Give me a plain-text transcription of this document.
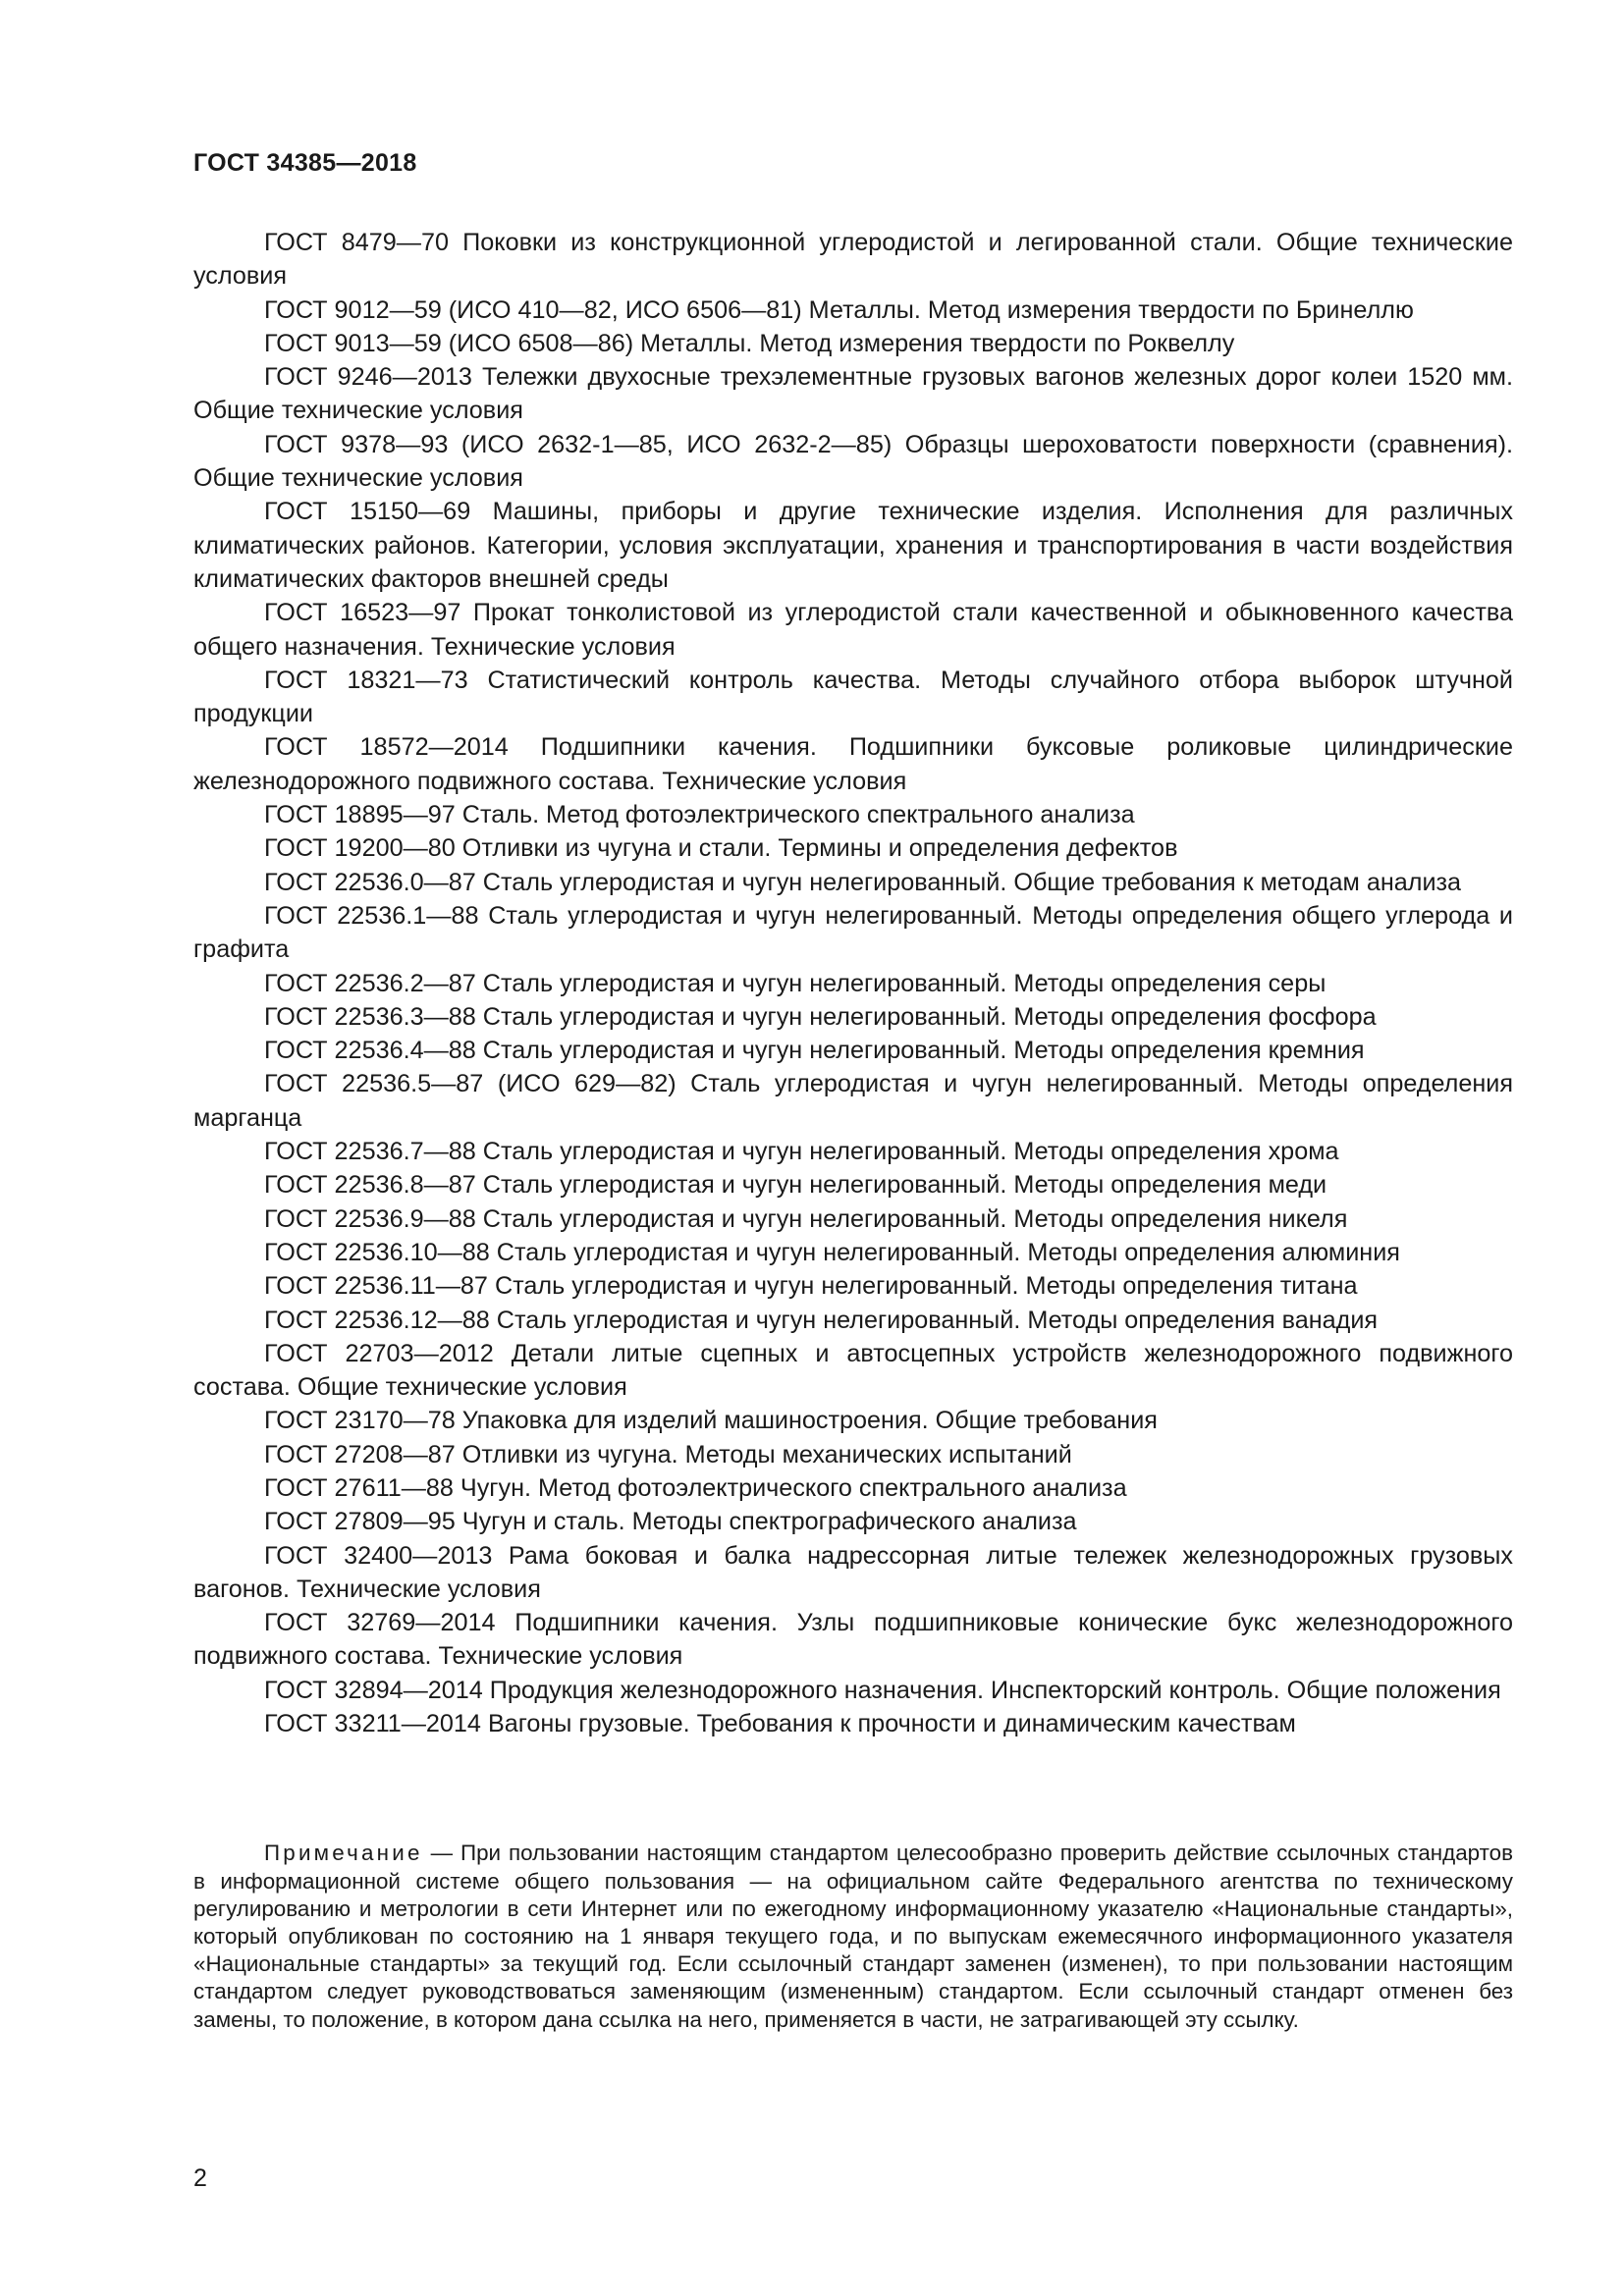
ГОСТ 34385—2018

ГОСТ 8479—70 Поковки из конструкционной углеродистой и легированной стали. Общие технические условия

ГОСТ 9012—59 (ИСО 410—82, ИСО 6506—81) Металлы. Метод измерения твердости по Бринеллю

ГОСТ 9013—59 (ИСО 6508—86) Металлы. Метод измерения твердости по Роквеллу

ГОСТ 9246—2013 Тележки двухосные трехэлементные грузовых вагонов железных дорог колеи 1520 мм. Общие технические условия

ГОСТ 9378—93 (ИСО 2632-1—85, ИСО 2632-2—85) Образцы шероховатости поверхности (сравнения). Общие технические условия

ГОСТ 15150—69 Машины, приборы и другие технические изделия. Исполнения для различных климатических районов. Категории, условия эксплуатации, хранения и транспортирования в части воздействия климатических факторов внешней среды

ГОСТ 16523—97 Прокат тонколистовой из углеродистой стали качественной и обыкновенного качества общего назначения. Технические условия

ГОСТ 18321—73 Статистический контроль качества. Методы случайного отбора выборок штучной продукции

ГОСТ 18572—2014 Подшипники качения. Подшипники буксовые роликовые цилиндрические железнодорожного подвижного состава. Технические условия

ГОСТ 18895—97 Сталь. Метод фотоэлектрического спектрального анализа

ГОСТ 19200—80 Отливки из чугуна и стали. Термины и определения дефектов

ГОСТ 22536.0—87 Сталь углеродистая и чугун нелегированный. Общие требования к методам анализа

ГОСТ 22536.1—88 Сталь углеродистая и чугун нелегированный. Методы определения общего углерода и графита

ГОСТ 22536.2—87 Сталь углеродистая и чугун нелегированный. Методы определения серы

ГОСТ 22536.3—88 Сталь углеродистая и чугун нелегированный. Методы определения фосфора

ГОСТ 22536.4—88 Сталь углеродистая и чугун нелегированный. Методы определения кремния

ГОСТ 22536.5—87 (ИСО 629—82) Сталь углеродистая и чугун нелегированный. Методы определения марганца

ГОСТ 22536.7—88 Сталь углеродистая и чугун нелегированный. Методы определения хрома

ГОСТ 22536.8—87 Сталь углеродистая и чугун нелегированный. Методы определения меди

ГОСТ 22536.9—88 Сталь углеродистая и чугун нелегированный. Методы определения никеля

ГОСТ 22536.10—88 Сталь углеродистая и чугун нелегированный. Методы определения алюминия

ГОСТ 22536.11—87 Сталь углеродистая и чугун нелегированный. Методы определения титана

ГОСТ 22536.12—88 Сталь углеродистая и чугун нелегированный. Методы определения ванадия

ГОСТ 22703—2012 Детали литые сцепных и автосцепных устройств железнодорожного подвижного состава. Общие технические условия

ГОСТ 23170—78 Упаковка для изделий машиностроения. Общие требования

ГОСТ 27208—87 Отливки из чугуна. Методы механических испытаний

ГОСТ 27611—88 Чугун. Метод фотоэлектрического спектрального анализа

ГОСТ 27809—95 Чугун и сталь. Методы спектрографического анализа

ГОСТ 32400—2013 Рама боковая и балка надрессорная литые тележек железнодорожных грузовых вагонов. Технические условия

ГОСТ 32769—2014 Подшипники качения. Узлы подшипниковые конические букс железнодорожного подвижного состава. Технические условия

ГОСТ 32894—2014 Продукция железнодорожного назначения. Инспекторский контроль. Общие положения

ГОСТ 33211—2014 Вагоны грузовые. Требования к прочности и динамическим качествам

Примечание — При пользовании настоящим стандартом целесообразно проверить действие ссылочных стандартов в информационной системе общего пользования — на официальном сайте Федерального агентства по техническому регулированию и метрологии в сети Интернет или по ежегодному информационному указателю «Национальные стандарты», который опубликован по состоянию на 1 января текущего года, и по выпускам ежемесячного информационного указателя «Национальные стандарты» за текущий год. Если ссылочный стандарт заменен (изменен), то при пользовании настоящим стандартом следует руководствоваться заменяющим (измененным) стандартом. Если ссылочный стандарт отменен без замены, то положение, в котором дана ссылка на него, применяется в части, не затрагивающей эту ссылку.

2
